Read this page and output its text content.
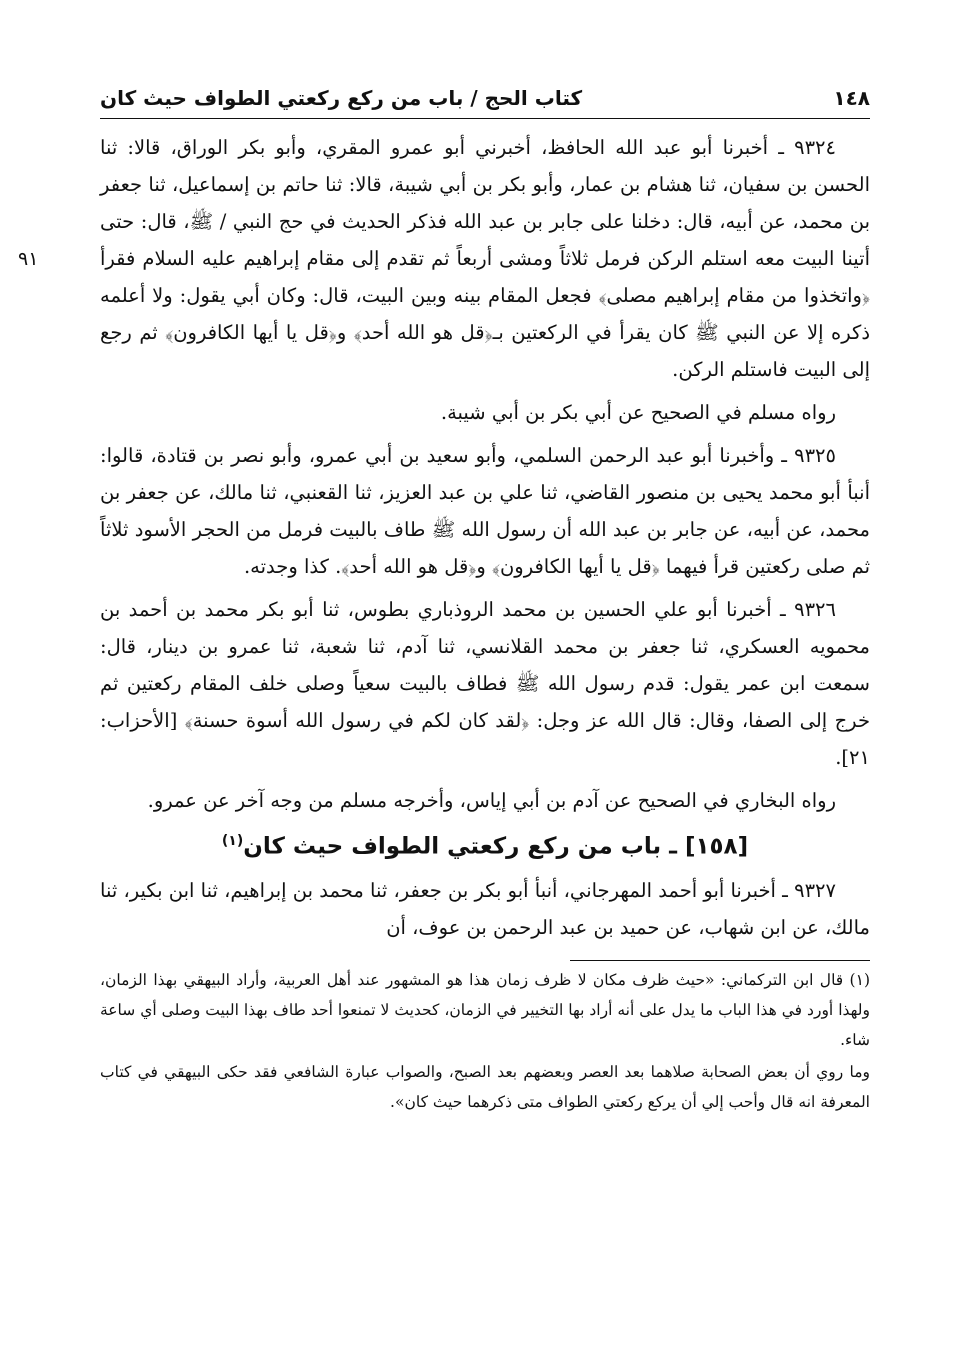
١٤٨
كتاب الحج / باب من ركع ركعتي الطواف حيث كان

٩١
٩٣٢٤ ـ أخبرنا أبو عبد الله الحافظ، أخبرني أبو عمرو المقري، وأبو بكر الوراق، قالا: ثنا الحسن بن سفيان، ثنا هشام بن عمار، وأبو بكر بن أبي شيبة، قالا: ثنا حاتم بن إسماعيل، ثنا جعفر بن محمد، عن أبيه، قال: دخلنا على جابر بن عبد الله فذكر الحديث في حج النبي / ﷺ، قال: حتى أتينا البيت معه استلم الركن فرمل ثلاثاً ومشى أربعاً ثم تقدم إلى مقام إبراهيم عليه السلام فقرأ ﴿واتخذوا من مقام إبراهيم مصلى﴾ فجعل المقام بينه وبين البيت، قال: وكان أبي يقول: ولا أعلمه ذكره إلا عن النبي ﷺ كان يقرأ في الركعتين بـ﴿قل هو الله أحد﴾ و﴿قل يا أيها الكافرون﴾ ثم رجع إلى البيت فاستلم الركن.

رواه مسلم في الصحيح عن أبي بكر بن أبي شيبة.

٩٣٢٥ ـ وأخبرنا أبو عبد الرحمن السلمي، وأبو سعيد بن أبي عمرو، وأبو نصر بن قتادة، قالوا: أنبأ أبو محمد يحيى بن منصور القاضي، ثنا علي بن عبد العزيز، ثنا القعنبي، ثنا مالك، عن جعفر بن محمد، عن أبيه، عن جابر بن عبد الله أن رسول الله ﷺ طاف بالبيت فرمل من الحجر الأسود ثلاثاً ثم صلى ركعتين قرأ فيهما ﴿قل يا أيها الكافرون﴾ و﴿قل هو الله أحد﴾. كذا وجدته.

٩٣٢٦ ـ أخبرنا أبو علي الحسين بن محمد الروذباري بطوس، ثنا أبو بكر محمد بن أحمد بن محمويه العسكري، ثنا جعفر بن محمد القلانسي، ثنا آدم، ثنا شعبة، ثنا عمرو بن دينار، قال: سمعت ابن عمر يقول: قدم رسول الله ﷺ فطاف بالبيت سعياً وصلى خلف المقام ركعتين ثم خرج إلى الصفا، وقال: قال الله عز وجل: ﴿لقد كان لكم في رسول الله أسوة حسنة﴾ [الأحزاب: ٢١].

رواه البخاري في الصحيح عن آدم بن أبي إياس، وأخرجه مسلم من وجه آخر عن عمرو.

[١٥٨] ـ باب من ركع ركعتي الطواف حيث كان$^{(١)}$

٩٣٢٧ ـ أخبرنا أبو أحمد المهرجاني، أنبأ أبو بكر بن جعفر، ثنا محمد بن إبراهيم، ثنا ابن بكير، ثنا مالك، عن ابن شهاب، عن حميد بن عبد الرحمن بن عوف، أن

(١) قال ابن التركماني: «حيث ظرف مكان لا ظرف زمان هذا هو المشهور عند أهل العربية، وأراد البيهقي بهذا الزمان، ولهذا أورد في هذا الباب ما يدل على أنه أراد بها التخيير في الزمان، كحديث لا تمنعوا أحد طاف بهذا البيت وصلى أي ساعة شاء.

وما روي أن بعض الصحابة صلاهما بعد العصر وبعضهم بعد الصبح، والصواب عبارة الشافعي فقد حكى البيهقي في كتاب المعرفة انه قال وأحب إلي أن يركع ركعتي الطواف متى ذكرهما حيث كان».
